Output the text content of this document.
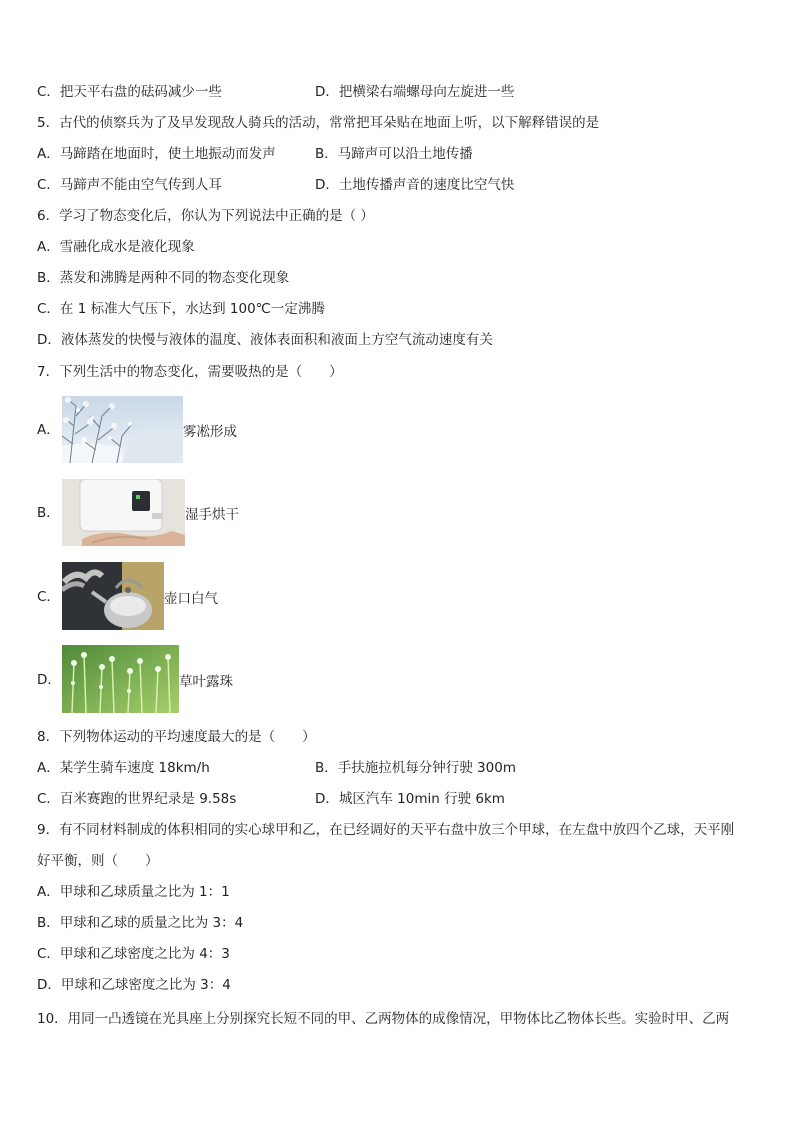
C．把天平右盘的砝码减少一些	D．把横梁右端螺母向左旋进一些
5．古代的侦察兵为了及早发现敌人骑兵的活动，常常把耳朵贴在地面上听，以下解释错误的是
A．马蹄踏在地面时，使土地振动而发声	B．马蹄声可以沿土地传播
C．马蹄声不能由空气传到人耳	D．土地传播声音的速度比空气快
6．学习了物态变化后，你认为下列说法中正确的是（ ）
A．雪融化成水是液化现象
B．蒸发和沸腾是两种不同的物态变化现象
C．在 1 标准大气压下，水达到 100℃一定沸腾
D．液体蒸发的快慢与液体的温度、液体表面积和液面上方空气流动速度有关
7．下列生活中的物态变化，需要吸热的是（　　）
A．	雾凇形成
B．	湿手烘干
C．	壶口白气
D．	草叶露珠
8．下列物体运动的平均速度最大的是（　　）
A．某学生骑车速度 18km/h	B．手扶施拉机每分钟行驶 300m
C．百米赛跑的世界纪录是 9.58s	D．城区汽车 10min 行驶 6km
9．有不同材料制成的体积相同的实心球甲和乙，在已经调好的天平右盘中放三个甲球，在左盘中放四个乙球，天平刚
好平衡，则（　　）
A．甲球和乙球质量之比为 1：1
B．甲球和乙球的质量之比为 3：4
C．甲球和乙球密度之比为 4：3
D．甲球和乙球密度之比为 3：4
10．用同一凸透镜在光具座上分别探究长短不同的甲、乙两物体的成像情况，甲物体比乙物体长些。实验时甲、乙两
